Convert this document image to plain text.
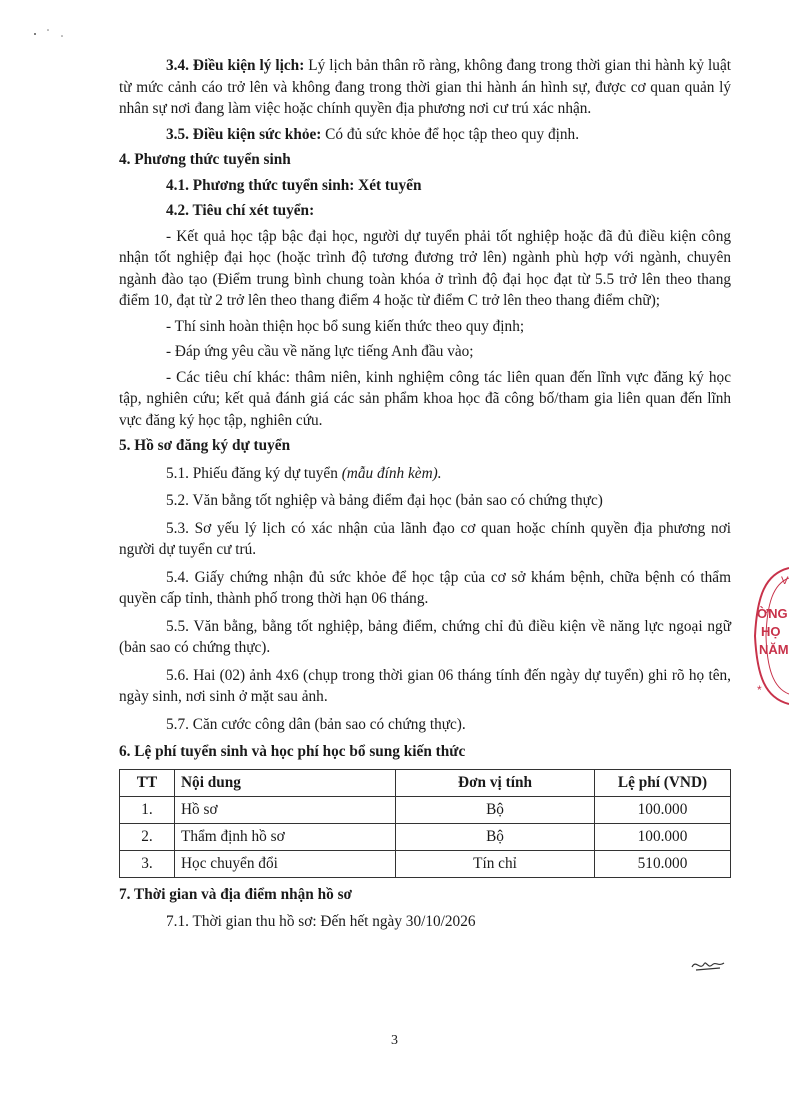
3.4. Điều kiện lý lịch: Lý lịch bản thân rõ ràng, không đang trong thời gian thi hành kỷ luật từ mức cảnh cáo trở lên và không đang trong thời gian thi hành án hình sự, được cơ quan quản lý nhân sự nơi đang làm việc hoặc chính quyền địa phương nơi cư trú xác nhận.

3.5. Điều kiện sức khỏe: Có đủ sức khỏe để học tập theo quy định.

4. Phương thức tuyển sinh

4.1. Phương thức tuyển sinh: Xét tuyển

4.2. Tiêu chí xét tuyển:

- Kết quả học tập bậc đại học, người dự tuyển phải tốt nghiệp hoặc đã đủ điều kiện công nhận tốt nghiệp đại học (hoặc trình độ tương đương trở lên) ngành phù hợp với ngành, chuyên ngành đào tạo (Điểm trung bình chung toàn khóa ở trình độ đại học đạt từ 5.5 trở lên theo thang điểm 10, đạt từ 2 trở lên theo thang điểm 4 hoặc từ điểm C trở lên theo thang điểm chữ);

- Thí sinh hoàn thiện học bổ sung kiến thức theo quy định;

- Đáp ứng yêu cầu về năng lực tiếng Anh đầu vào;

- Các tiêu chí khác: thâm niên, kinh nghiệm công tác liên quan đến lĩnh vực đăng ký học tập, nghiên cứu; kết quả đánh giá các sản phẩm khoa học đã công bố/tham gia liên quan đến lĩnh vực đăng ký học tập, nghiên cứu.

5. Hồ sơ đăng ký dự tuyển

5.1. Phiếu đăng ký dự tuyển (mẫu đính kèm).

5.2. Văn bằng tốt nghiệp và bảng điểm đại học (bản sao có chứng thực)

5.3. Sơ yếu lý lịch có xác nhận của lãnh đạo cơ quan hoặc chính quyền địa phương nơi người dự tuyển cư trú.

5.4. Giấy chứng nhận đủ sức khỏe để học tập của cơ sở khám bệnh, chữa bệnh có thẩm quyền cấp tỉnh, thành phố trong thời hạn 06 tháng.

5.5. Văn bằng, bằng tốt nghiệp, bảng điểm, chứng chỉ đủ điều kiện về năng lực ngoại ngữ (bản sao có chứng thực).

5.6. Hai (02) ảnh 4x6 (chụp trong thời gian 06 tháng tính đến ngày dự tuyển) ghi rõ họ tên, ngày sinh, nơi sinh ở mặt sau ảnh.

5.7. Căn cước công dân (bản sao có chứng thực).

6. Lệ phí tuyển sinh và học phí học bổ sung kiến thức

TT	Nội dung	Đơn vị tính	Lệ phí (VND)
1.	Hồ sơ	Bộ	100.000
2.	Thẩm định hồ sơ	Bộ	100.000
3.	Học chuyển đổi	Tín chỉ	510.000

7. Thời gian và địa điểm nhận hồ sơ

7.1. Thời gian thu hồ sơ: Đến hết ngày 30/10/2026

V
*
ỜNG
HỌ
NĂM
3
